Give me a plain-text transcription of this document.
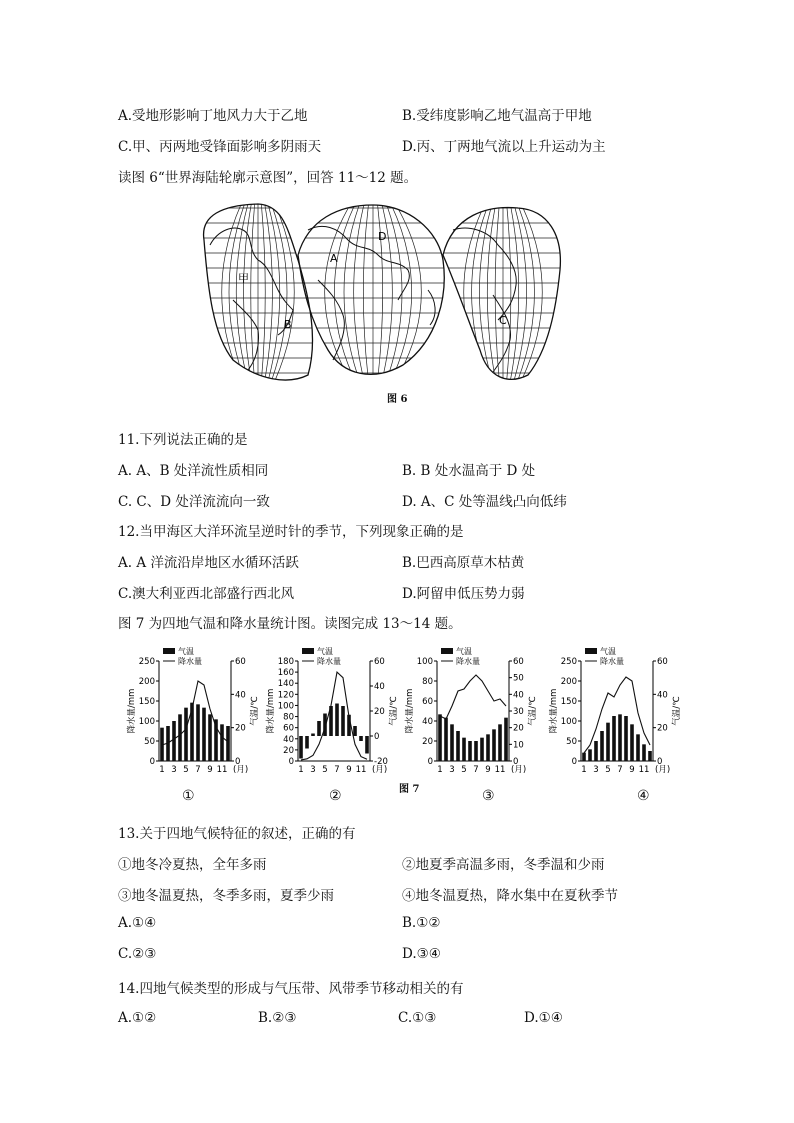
A.受地形影响丁地风力大于乙地	B.受纬度影响乙地气温高于甲地
C.甲、丙两地受锋面影响多阴雨天	D.丙、丁两地气流以上升运动为主
读图 6“世界海陆轮廓示意图”，回答 11～12 题。
甲
A
B	C
D
图 6
11.下列说法正确的是
A. A、B 处洋流性质相同	B. B 处水温高于 D 处
C. C、D 处洋流流向一致	D. A、C 处等温线凸向低纬
12.当甲海区大洋环流呈逆时针的季节，下列现象正确的是
A. A 洋流沿岸地区水循环活跃	B.巴西高原草木枯黄
C.澳大利亚西北部盛行西北风	D.阿留申低压势力弱
图 7 为四地气温和降水量统计图。读图完成 13～14 题。
0
50
100
150
200
250
0
20
40
60
1 3 5 7 9 11 (月)
降水量/mm	气温/℃
气温
降水量
0
20
40
60
80
100
120
140
160
180
-20
0
20
40
60
1 3 5 7 9 11 (月)
降水量/mm	气温/℃
气温
降水量
0
20
40
60
80
100
0
10
20
30
40
50
60
1 3 5 7 9 11 (月)
降水量/mm	气温/℃
气温
降水量
0
50
100
150
200
250
0
20
40
60
1 3 5 7 9 11 (月)
降水量/mm	气温/℃
气温
降水量
①	②	③	④
图 7
13.关于四地气候特征的叙述，正确的有
①地冬冷夏热，全年多雨	②地夏季高温多雨，冬季温和少雨
③地冬温夏热，冬季多雨，夏季少雨	④地冬温夏热，降水集中在夏秋季节
A.①④	B.①②
C.②③	D.③④
14.四地气候类型的形成与气压带、风带季节移动相关的有
A.①②	B.②③	C.①③	D.①④
